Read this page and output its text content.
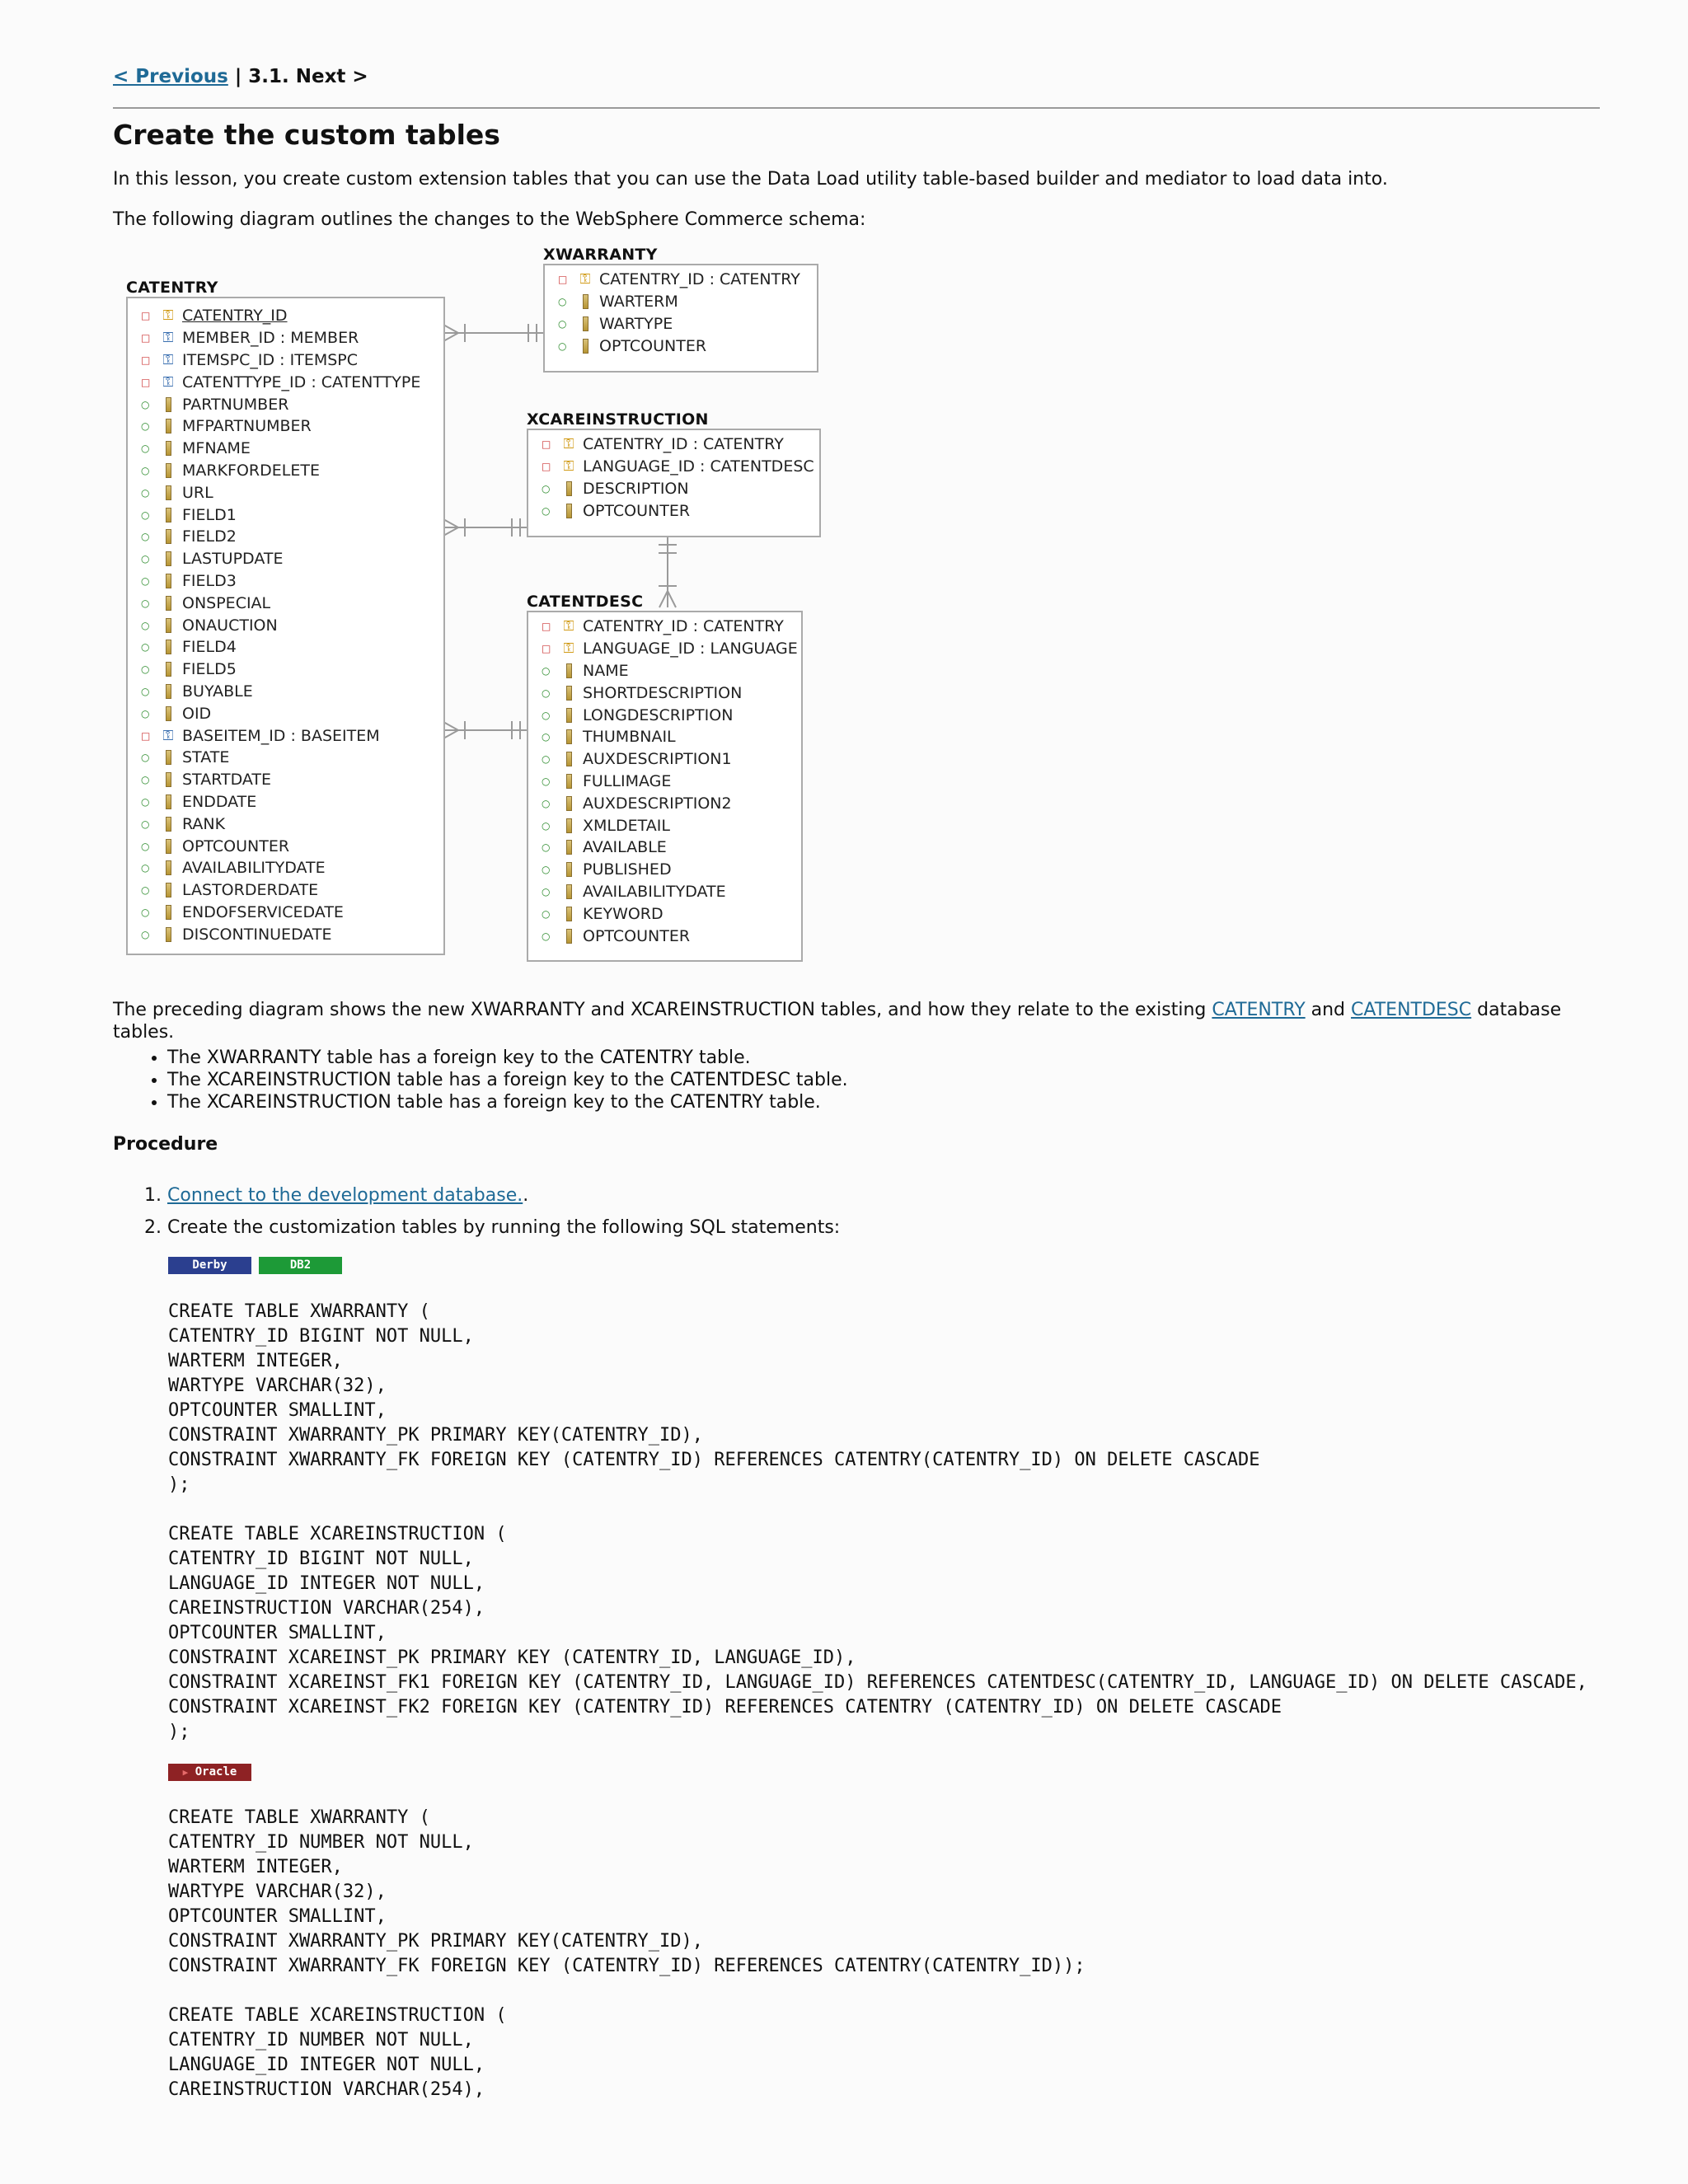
< Previous | 3.1. Next >
Create the custom tables
In this lesson, you create custom extension tables that you can use the Data Load utility table-based builder and mediator to load data into.
The following diagram outlines the changes to the WebSphere Commerce schema:
CATENTRY
□ ⚿ CATENTRY_ID
□ ⚿ MEMBER_ID : MEMBER
□ ⚿ ITEMSPC_ID : ITEMSPC
□ ⚿ CATENTTYPE_ID : CATENTTYPE
○	PARTNUMBER
○	MFPARTNUMBER
○	MFNAME
○	MARKFORDELETE
○	URL
○	FIELD1
○	FIELD2
○	LASTUPDATE
○	FIELD3
○	ONSPECIAL
○	ONAUCTION
○	FIELD4
○	FIELD5
○	BUYABLE
○	OID
□ ⚿ BASEITEM_ID : BASEITEM
○	STATE
○	STARTDATE
○	ENDDATE
○	RANK
○	OPTCOUNTER
○	AVAILABILITYDATE
○	LASTORDERDATE
○	ENDOFSERVICEDATE
○	DISCONTINUEDATE
XWARRANTY
□ ⚿ CATENTRY_ID : CATENTRY
○	WARTERM
○	WARTYPE
○	OPTCOUNTER
XCAREINSTRUCTION
□ ⚿ CATENTRY_ID : CATENTRY
□ ⚿ LANGUAGE_ID : CATENTDESC
○	DESCRIPTION
○	OPTCOUNTER
CATENTDESC
□ ⚿ CATENTRY_ID : CATENTRY
□ ⚿ LANGUAGE_ID : LANGUAGE
○	NAME
○	SHORTDESCRIPTION
○	LONGDESCRIPTION
○	THUMBNAIL
○	AUXDESCRIPTION1
○	FULLIMAGE
○	AUXDESCRIPTION2
○	XMLDETAIL
○	AVAILABLE
○	PUBLISHED
○	AVAILABILITYDATE
○	KEYWORD
○	OPTCOUNTER
The preceding diagram shows the new XWARRANTY and XCAREINSTRUCTION tables, and how they relate to the existing CATENTRY and CATENTDESC database tables.
• The XWARRANTY table has a foreign key to the CATENTRY table.
• The XCAREINSTRUCTION table has a foreign key to the CATENTDESC table.
• The XCAREINSTRUCTION table has a foreign key to the CATENTRY table.
Procedure
1. Connect to the development database..
2. Create the customization tables by running the following SQL statements:
Derby	DB2
CREATE TABLE XWARRANTY (
CATENTRY_ID BIGINT NOT NULL,
WARTERM INTEGER,
WARTYPE VARCHAR(32),
OPTCOUNTER SMALLINT,
CONSTRAINT XWARRANTY_PK PRIMARY KEY(CATENTRY_ID),
CONSTRAINT XWARRANTY_FK FOREIGN KEY (CATENTRY_ID) REFERENCES CATENTRY(CATENTRY_ID) ON DELETE CASCADE
);

CREATE TABLE XCAREINSTRUCTION (
CATENTRY_ID BIGINT NOT NULL,
LANGUAGE_ID INTEGER NOT NULL,
CAREINSTRUCTION VARCHAR(254),
OPTCOUNTER SMALLINT,
CONSTRAINT XCAREINST_PK PRIMARY KEY (CATENTRY_ID, LANGUAGE_ID),
CONSTRAINT XCAREINST_FK1 FOREIGN KEY (CATENTRY_ID, LANGUAGE_ID) REFERENCES CATENTDESC(CATENTRY_ID, LANGUAGE_ID) ON DELETE CASCADE,
CONSTRAINT XCAREINST_FK2 FOREIGN KEY (CATENTRY_ID) REFERENCES CATENTRY (CATENTRY_ID) ON DELETE CASCADE
);
▶ Oracle
CREATE TABLE XWARRANTY (
CATENTRY_ID NUMBER NOT NULL,
WARTERM INTEGER,
WARTYPE VARCHAR(32),
OPTCOUNTER SMALLINT,
CONSTRAINT XWARRANTY_PK PRIMARY KEY(CATENTRY_ID),
CONSTRAINT XWARRANTY_FK FOREIGN KEY (CATENTRY_ID) REFERENCES CATENTRY(CATENTRY_ID));

CREATE TABLE XCAREINSTRUCTION (
CATENTRY_ID NUMBER NOT NULL,
LANGUAGE_ID INTEGER NOT NULL,
CAREINSTRUCTION VARCHAR(254),
